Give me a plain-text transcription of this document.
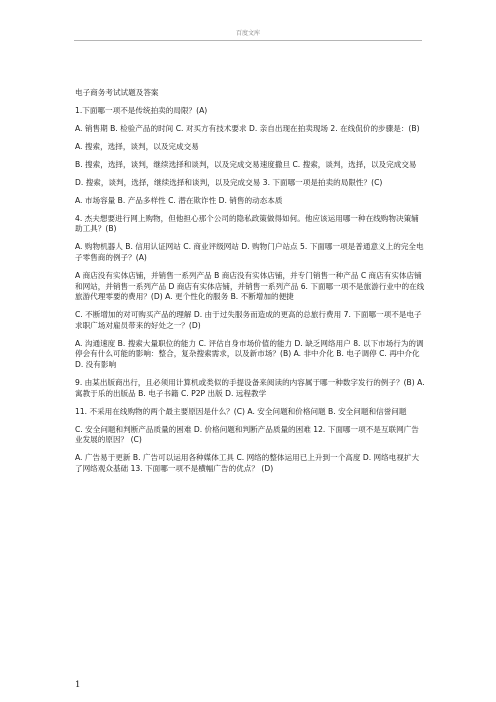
百度文库

电子商务考试试题及答案

1.下面哪一项不是传统拍卖的局限？(A)

A. 销售期 B. 检验产品的时间 C. 对买方有技术要求 D. 亲自出现在拍卖现场 2. 在线侃价的步骤是：(B)

A. 搜索，选择，谈判，以及完成交易

B. 搜索，选择，谈判，继续选择和谈判，以及完成交易速度撒旦 C. 搜索，谈判，选择，以及完成交易

D. 搜索，谈判，选择，继续选择和谈判，以及完成交易 3. 下面哪一项是拍卖的局限性？(C)

A. 市场容量 B. 产品多样性 C. 潜在欺诈性 D. 销售的动态本质

4. 杰夫想要进行网上购物，但他担心那个公司的隐私政策做得如何。他应该运用哪一种在线购物决策辅助工具？(B)

A. 购物机器人 B. 信用认证网站 C. 商业评级网站 D. 购物门户站点 5. 下面哪一项是普通意义上的完全电子零售商的例子？(A)

A 商店没有实体店铺，并销售一系列产品 B 商店没有实体店铺，并专门销售一种产品 C 商店有实体店铺和网站，并销售一系列产品 D 商店有实体店铺，并销售一系列产品 6. 下面哪一项不是旅游行业中的在线旅游代理零要的费用？(D) A. 更个性化的服务 B. 不断增加的便捷

C. 不断增加的对可购买产品的理解 D. 由于过失服务而造成的更高的总旅行费用 7. 下面哪一项不是电子求职广场对雇员带来的好处之一？(D)

A. 沟通速度 B. 搜索大量职位的能力 C. 评估自身市场价值的能力 D. 缺乏网络用户 8. 以下市场行为的调停会有什么可能的影响：整合，复杂搜索需求，以及新市场？(B) A. 非中介化 B. 电子调停 C. 再中介化 D. 没有影响

9. 由某出版商出行，且必须用计算机或类似的手提设备来阅读的内容属于哪一种数字发行的例子？(B) A. 寓教于乐的出版品 B. 电子书籍 C. P2P 出版 D. 远程教学

11. 不采用在线购物的两个最主要原因是什么？(C) A. 安全问题和价格问题 B. 安全问题和信誉问题

C. 安全问题和判断产品质量的困难 D. 价格问题和判断产品质量的困难 12. 下面哪一项不是互联网广告业发展的原因？ (C)

A. 广告易于更新 B. 广告可以运用各种媒体工具 C. 网络的整体运用已上升到一个高度 D. 网络电视扩大了网络观众基础 13. 下面哪一项不是横幅广告的优点？ (D)

1
